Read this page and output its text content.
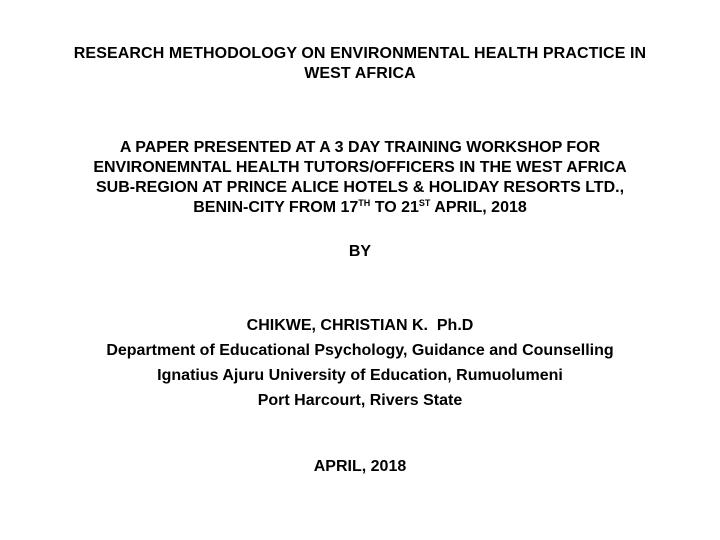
RESEARCH METHODOLOGY ON ENVIRONMENTAL HEALTH PRACTICE IN
WEST AFRICA
A PAPER PRESENTED AT A 3 DAY TRAINING WORKSHOP FOR
ENVIRONEMNTAL HEALTH TUTORS/OFFICERS IN THE WEST AFRICA
SUB-REGION AT PRINCE ALICE HOTELS & HOLIDAY RESORTS LTD.,
BENIN-CITY FROM 17TH TO 21ST APRIL, 2018
BY
CHIKWE, CHRISTIAN K.  Ph.D
Department of Educational Psychology, Guidance and Counselling
Ignatius Ajuru University of Education, Rumuolumeni
Port Harcourt, Rivers State
APRIL, 2018
